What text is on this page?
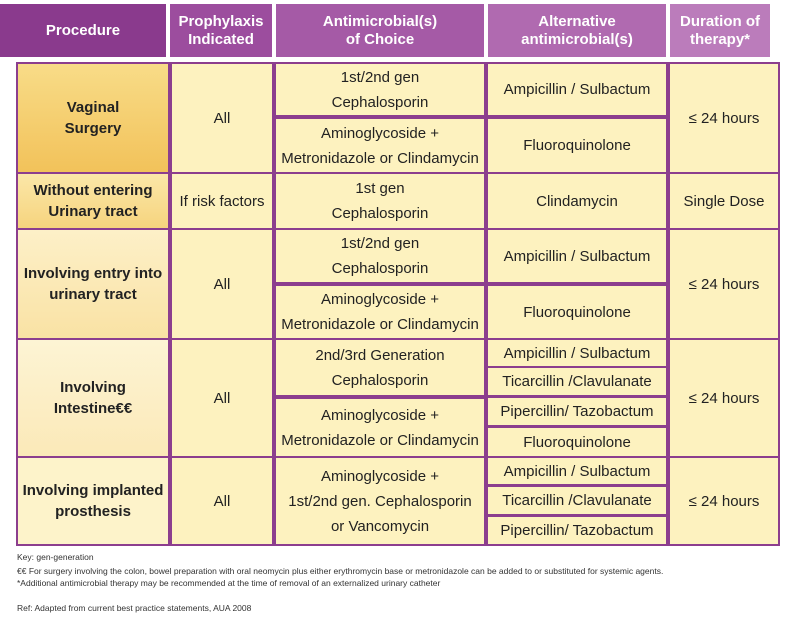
Procedure
Prophylaxis
Indicated
Antimicrobial(s)
of Choice
Alternative
antimicrobial(s)
Duration of
therapy*
Vaginal
Surgery
All
1st/2nd gen
Cephalosporin
Aminoglycoside +
Metronidazole or Clindamycin
Ampicillin / Sulbactum
Fluoroquinolone
≤ 24 hours
Without entering
Urinary tract
If risk factors
1st gen
Cephalosporin
Clindamycin	Single Dose
Involving entry into
urinary tract
All
1st/2nd gen
Cephalosporin
Aminoglycoside +
Metronidazole or Clindamycin
Ampicillin / Sulbactum
Fluoroquinolone
≤ 24 hours
Involving
Intestine€€
All
2nd/3rd Generation
Cephalosporin
Aminoglycoside +
Metronidazole or Clindamycin
Ampicillin / Sulbactum
Ticarcillin /Clavulanate
Pipercillin/ Tazobactum
Fluoroquinolone
≤ 24 hours
Involving implanted
prosthesis
All
Aminoglycoside +
1st/2nd gen. Cephalosporin
or Vancomycin
Ampicillin / Sulbactum
Ticarcillin /Clavulanate
Pipercillin/ Tazobactum
≤ 24 hours
Key: gen-generation
€€ For surgery involving the colon, bowel preparation with oral neomycin plus either erythromycin base or metronidazole can be added to or substituted for systemic agents.
*Additional antimicrobial therapy may be recommended at the time of removal of an externalized urinary catheter
Ref: Adapted from current best practice statements, AUA 2008
